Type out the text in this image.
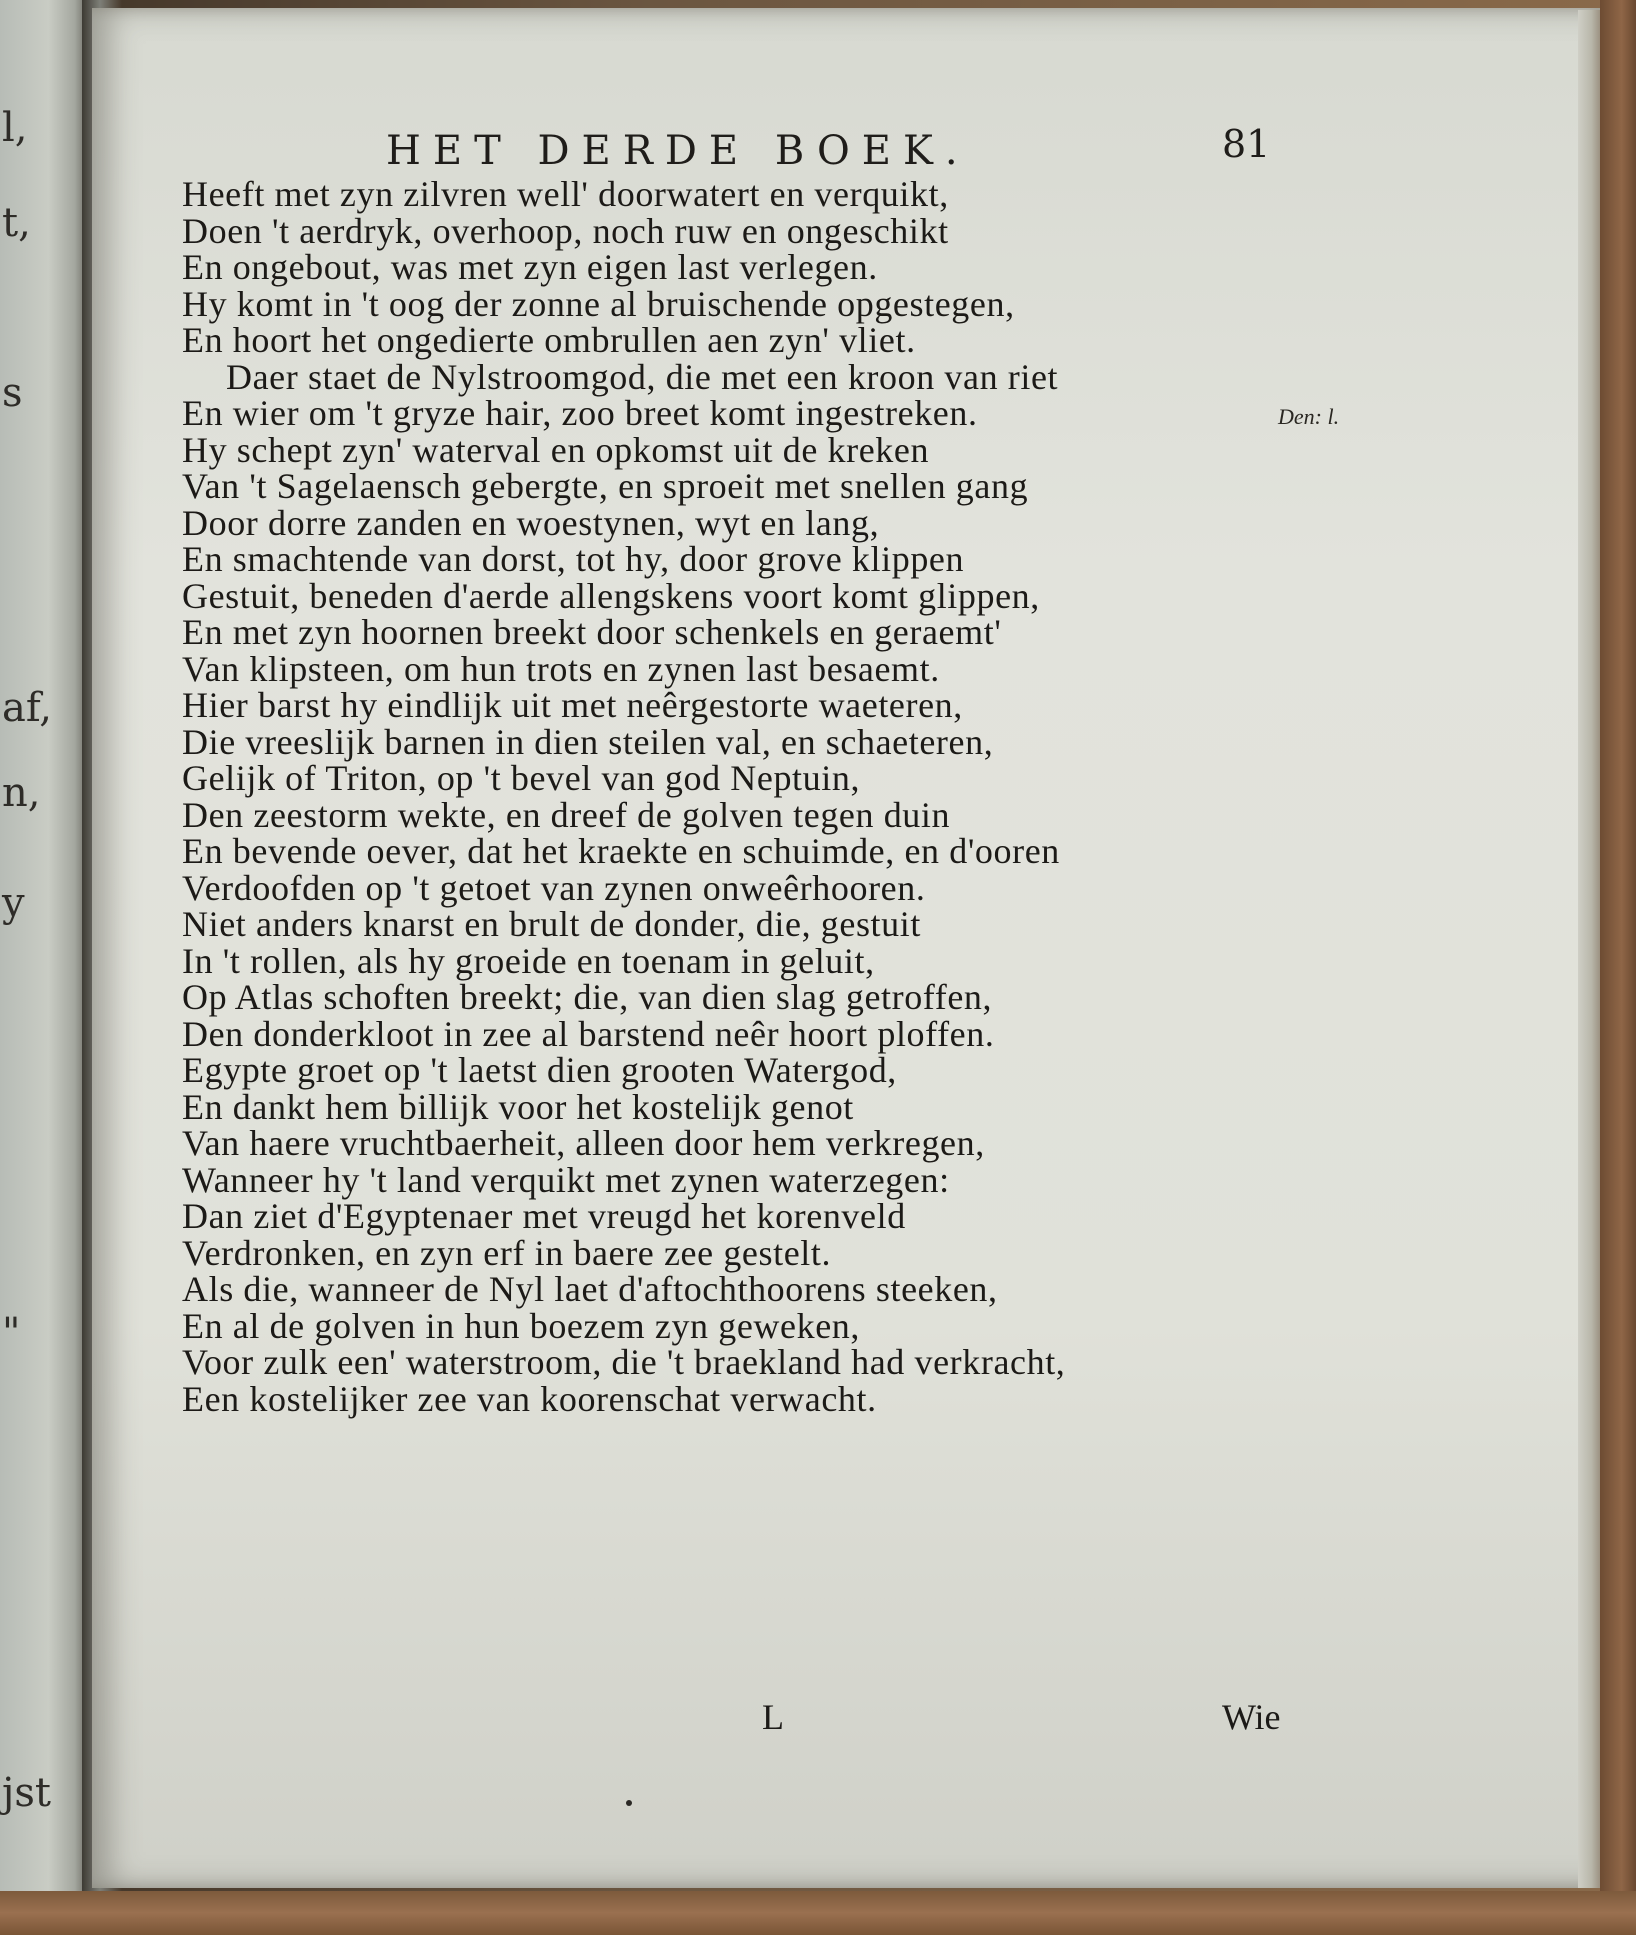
l,
t,
s
af,
n,
y
"
jst
HET DERDE BOEK.	81
Den: l.
Heeft met zyn zilvren well' doorwatert en verquikt,
Doen 't aerdryk, overhoop, noch ruw en ongeschikt
En ongebout, was met zyn eigen last verlegen.
Hy komt in 't oog der zonne al bruischende opgestegen,
En hoort het ongedierte ombrullen aen zyn' vliet.
Daer staet de Nylstroomgod, die met een kroon van riet
En wier om 't gryze hair, zoo breet komt ingestreken.
Hy schept zyn' waterval en opkomst uit de kreken
Van 't Sagelaensch gebergte, en sproeit met snellen gang
Door dorre zanden en woestynen, wyt en lang,
En smachtende van dorst, tot hy, door grove klippen
Gestuit, beneden d'aerde allengskens voort komt glippen,
En met zyn hoornen breekt door schenkels en geraemt'
Van klipsteen, om hun trots en zynen last besaemt.
Hier barst hy eindlijk uit met neêrgestorte waeteren,
Die vreeslijk barnen in dien steilen val, en schaeteren,
Gelijk of Triton, op 't bevel van god Neptuin,
Den zeestorm wekte, en dreef de golven tegen duin
En bevende oever, dat het kraekte en schuimde, en d'ooren
Verdoofden op 't getoet van zynen onweêrhooren.
Niet anders knarst en brult de donder, die, gestuit
In 't rollen, als hy groeide en toenam in geluit,
Op Atlas schoften breekt; die, van dien slag getroffen,
Den donderkloot in zee al barstend neêr hoort ploffen.
Egypte groet op 't laetst dien grooten Watergod,
En dankt hem billijk voor het kostelijk genot
Van haere vruchtbaerheit, alleen door hem verkregen,
Wanneer hy 't land verquikt met zynen waterzegen:
Dan ziet d'Egyptenaer met vreugd het korenveld
Verdronken, en zyn erf in baere zee gestelt.
Als die, wanneer de Nyl laet d'aftochthoorens steeken,
En al de golven in hun boezem zyn geweken,
Voor zulk een' waterstroom, die 't braekland had verkracht,
Een kostelijker zee van koorenschat verwacht.
L	Wie
